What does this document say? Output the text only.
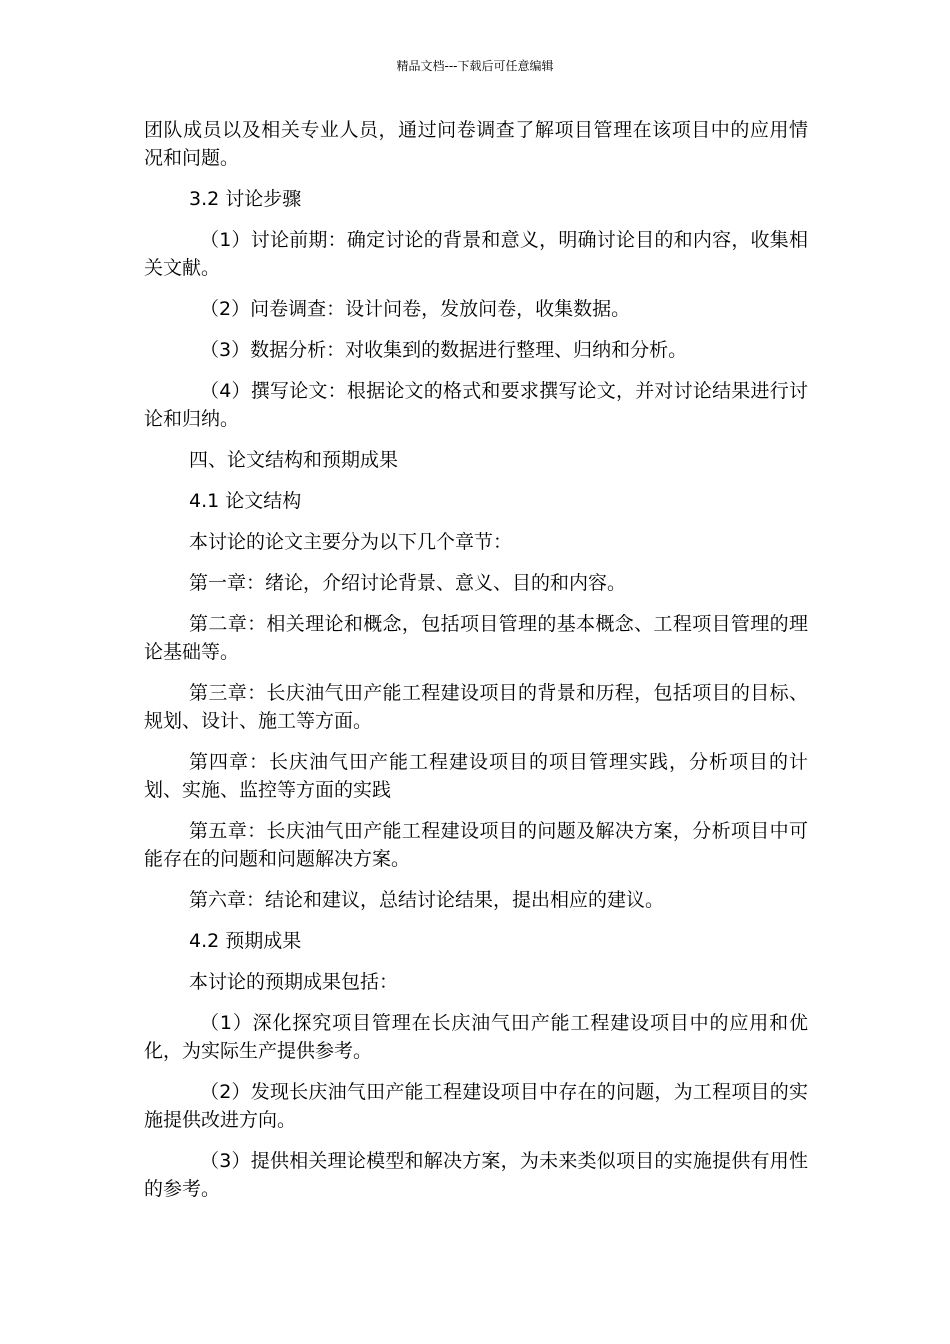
精品文档---下载后可任意编辑

团队成员以及相关专业人员，通过问卷调查了解项目管理在该项目中的应用情况和问题。

3.2 讨论步骤

（1）讨论前期：确定讨论的背景和意义，明确讨论目的和内容，收集相关文献。

（2）问卷调查：设计问卷，发放问卷，收集数据。

（3）数据分析：对收集到的数据进行整理、归纳和分析。

（4）撰写论文：根据论文的格式和要求撰写论文，并对讨论结果进行讨论和归纳。

四、论文结构和预期成果

4.1 论文结构

本讨论的论文主要分为以下几个章节：

第一章：绪论，介绍讨论背景、意义、目的和内容。

第二章：相关理论和概念，包括项目管理的基本概念、工程项目管理的理论基础等。

第三章：长庆油气田产能工程建设项目的背景和历程，包括项目的目标、规划、设计、施工等方面。

第四章：长庆油气田产能工程建设项目的项目管理实践，分析项目的计划、实施、监控等方面的实践

第五章：长庆油气田产能工程建设项目的问题及解决方案，分析项目中可能存在的问题和问题解决方案。

第六章：结论和建议，总结讨论结果，提出相应的建议。

4.2 预期成果

本讨论的预期成果包括：

（1）深化探究项目管理在长庆油气田产能工程建设项目中的应用和优化，为实际生产提供参考。

（2）发现长庆油气田产能工程建设项目中存在的问题，为工程项目的实施提供改进方向。

（3）提供相关理论模型和解决方案，为未来类似项目的实施提供有用性的参考。
